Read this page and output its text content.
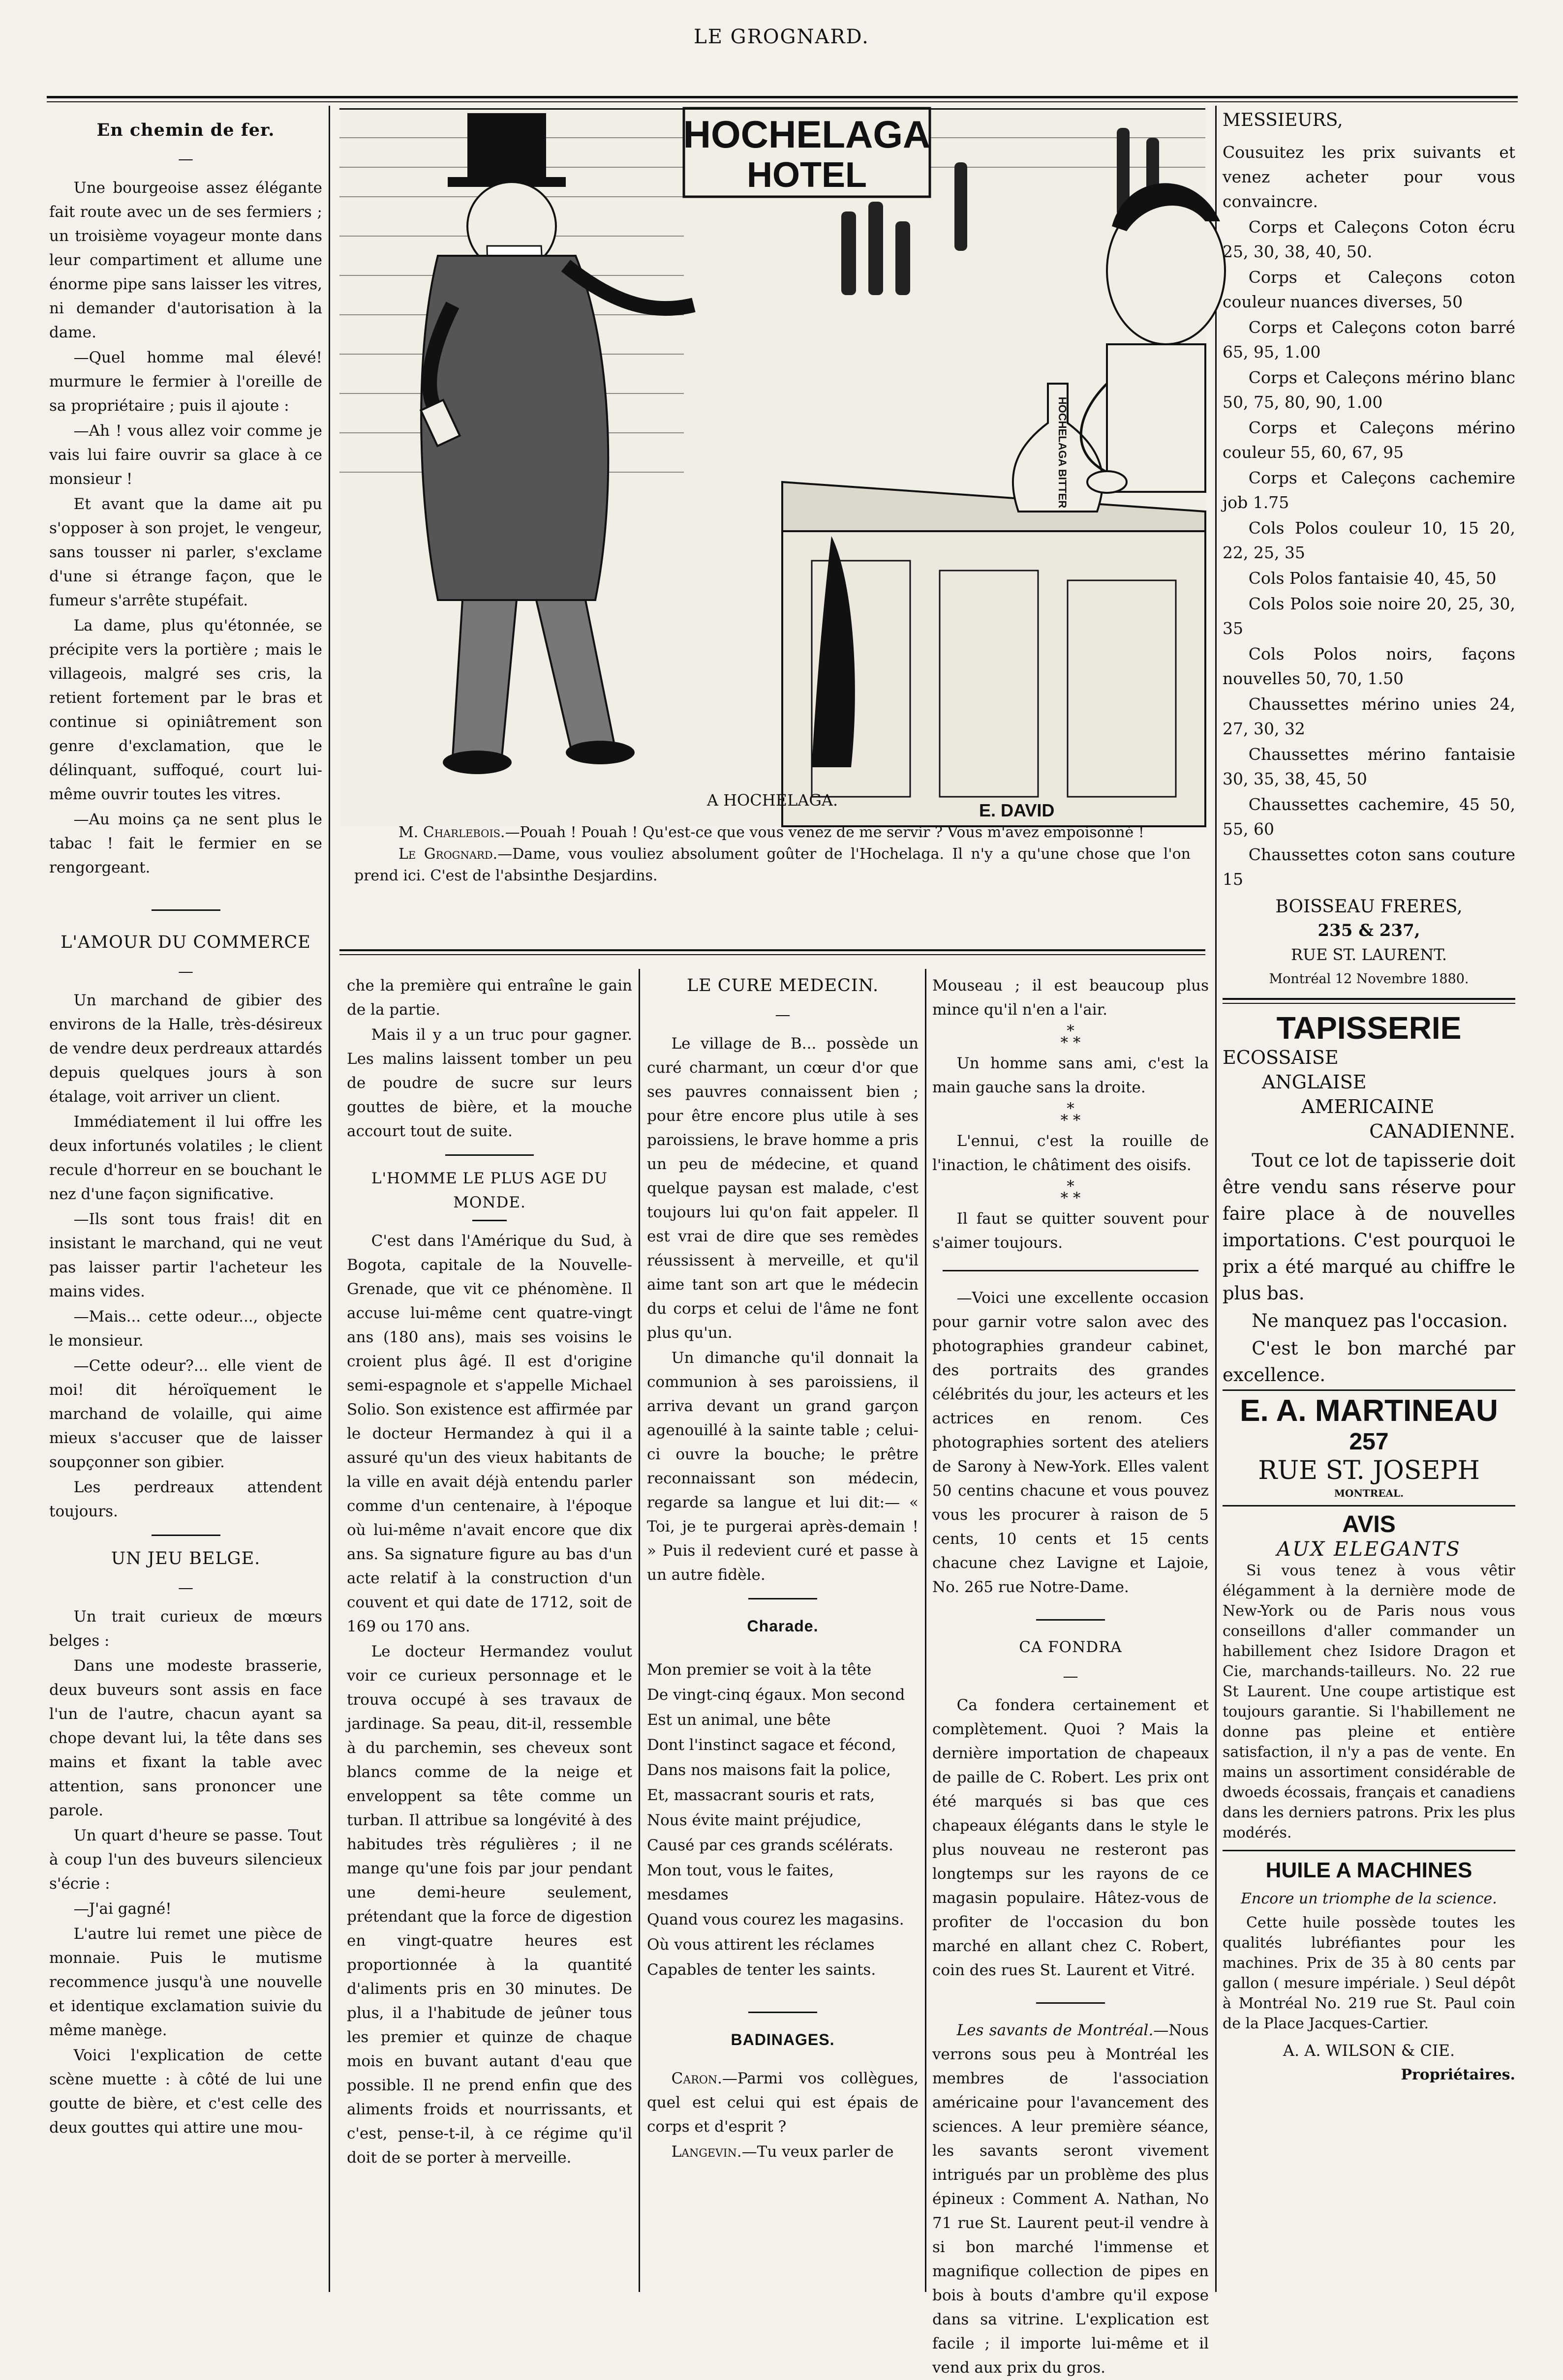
LE GROGNARD.
En chemin de fer.
—

Une bourgeoise assez élégante fait route avec un de ses fermiers ; un troisième voyageur monte dans leur compartiment et allume une énorme pipe sans laisser les vitres, ni demander d'autorisation à la dame.

—Quel homme mal élevé! murmure le fermier à l'oreille de sa propriétaire ; puis il ajoute :

—Ah ! vous allez voir comme je vais lui faire ouvrir sa glace à ce monsieur !

Et avant que la dame ait pu s'opposer à son projet, le vengeur, sans tousser ni parler, s'exclame d'une si étrange façon, que le fumeur s'arrête stupéfait.

La dame, plus qu'étonnée, se précipite vers la portière ; mais le villageois, malgré ses cris, la retient fortement par le bras et continue si opiniâtrement son genre d'exclamation, que le délinquant, suffoqué, court lui-même ouvrir toutes les vitres.

—Au moins ça ne sent plus le tabac ! fait le fermier en se rengorgeant.

L'AMOUR DU COMMERCE
—

Un marchand de gibier des environs de la Halle, très-désireux de vendre deux perdreaux attardés depuis quelques jours à son étalage, voit arriver un client.

Immédiatement il lui offre les deux infortunés volatiles ; le client recule d'horreur en se bouchant le nez d'une façon significative.

—Ils sont tous frais! dit en insistant le marchand, qui ne veut pas laisser partir l'acheteur les mains vides.

—Mais... cette odeur..., objecte le monsieur.

—Cette odeur?... elle vient de moi! dit héroïquement le marchand de volaille, qui aime mieux s'accuser que de laisser soupçonner son gibier.

Les perdreaux attendent toujours.

UN JEU BELGE.
—

Un trait curieux de mœurs belges :

Dans une modeste brasserie, deux buveurs sont assis en face l'un de l'autre, chacun ayant sa chope devant lui, la tête dans ses mains et fixant la table avec attention, sans prononcer une parole.

Un quart d'heure se passe. Tout à coup l'un des buveurs silencieux s'écrie :

—J'ai gagné!

L'autre lui remet une pièce de monnaie. Puis le mutisme recommence jusqu'à une nouvelle et identique exclamation suivie du même manège.

Voici l'explication de cette scène muette : à côté de lui une goutte de bière, et c'est celle des deux gouttes qui attire une mou-

HOCHELAGA
HOTEL
HOCHELAGA BITTER
E. DAVID
A HOCHELAGA.
M. Charlebois.—Pouah ! Pouah ! Qu'est-ce que vous venez de me servir ? Vous m'avez empoisonné !
Le Grognard.—Dame, vous vouliez absolument goûter de l'Hochelaga. Il n'y a qu'une chose que l'on prend ici. C'est de l'absinthe Desjardins.

che la première qui entraîne le gain de la partie.

Mais il y a un truc pour gagner. Les malins laissent tomber un peu de poudre de sucre sur leurs gouttes de bière, et la mouche accourt tout de suite.

L'HOMME LE PLUS AGE DU MONDE.

C'est dans l'Amérique du Sud, à Bogota, capitale de la Nouvelle-Grenade, que vit ce phénomène. Il accuse lui-même cent quatre-vingt ans (180 ans), mais ses voisins le croient plus âgé. Il est d'origine semi-espagnole et s'appelle Michael Solio. Son existence est affirmée par le docteur Hermandez à qui il a assuré qu'un des vieux habitants de la ville en avait déjà entendu parler comme d'un centenaire, à l'époque où lui-même n'avait encore que dix ans. Sa signature figure au bas d'un acte relatif à la construction d'un couvent et qui date de 1712, soit de 169 ou 170 ans.

Le docteur Hermandez voulut voir ce curieux personnage et le trouva occupé à ses travaux de jardinage. Sa peau, dit-il, ressemble à du parchemin, ses cheveux sont blancs comme de la neige et enveloppent sa tête comme un turban. Il attribue sa longévité à des habitudes très régulières ; il ne mange qu'une fois par jour pendant une demi-heure seulement, prétendant que la force de digestion en vingt-quatre heures est proportionnée à la quantité d'aliments pris en 30 minutes. De plus, il a l'habitude de jeûner tous les premier et quinze de chaque mois en buvant autant d'eau que possible. Il ne prend enfin que des aliments froids et nourrissants, et c'est, pense-t-il, à ce régime qu'il doit de se porter à merveille.

LE CURE MEDECIN.
—

Le village de B... possède un curé charmant, un cœur d'or que ses pauvres connaissent bien ; pour être encore plus utile à ses paroissiens, le brave homme a pris un peu de médecine, et quand quelque paysan est malade, c'est toujours lui qu'on fait appeler. Il est vrai de dire que ses remèdes réussissent à merveille, et qu'il aime tant son art que le médecin du corps et celui de l'âme ne font plus qu'un.

Un dimanche qu'il donnait la communion à ses paroissiens, il arriva devant un grand garçon agenouillé à la sainte table ; celui-ci ouvre la bouche; le prêtre reconnaissant son médecin, regarde sa langue et lui dit:— « Toi, je te purgerai après-demain ! » Puis il redevient curé et passe à un autre fidèle.

Charade.

Mon premier se voit à la tête

De vingt-cinq égaux. Mon second

Est un animal, une bête

Dont l'instinct sagace et fécond,

Dans nos maisons fait la police,

Et, massacrant souris et rats,

Nous évite maint préjudice,

Causé par ces grands scélérats.

Mon tout, vous le faites, mesdames

Quand vous courez les magasins.

Où vous attirent les réclames

Capables de tenter les saints.

BADINAGES.

Caron.—Parmi vos collègues, quel est celui qui est épais de corps et d'esprit ?

Langevin.—Tu veux parler de

Mouseau ; il est beaucoup plus mince qu'il n'en a l'air.

*
* *

Un homme sans ami, c'est la main gauche sans la droite.

*
* *

L'ennui, c'est la rouille de l'inaction, le châtiment des oisifs.

*
* *

Il faut se quitter souvent pour s'aimer toujours.

—Voici une excellente occasion pour garnir votre salon avec des photographies grandeur cabinet, des portraits des grandes célébrités du jour, les acteurs et les actrices en renom. Ces photographies sortent des ateliers de Sarony à New-York. Elles valent 50 centins chacune et vous pouvez vous les procurer à raison de 5 cents, 10 cents et 15 cents chacune chez Lavigne et Lajoie, No. 265 rue Notre-Dame.

CA FONDRA
—

Ca fondera certainement et complètement. Quoi ? Mais la dernière importation de chapeaux de paille de C. Robert. Les prix ont été marqués si bas que ces chapeaux élégants dans le style le plus nouveau ne resteront pas longtemps sur les rayons de ce magasin populaire. Hâtez-vous de profiter de l'occasion du bon marché en allant chez C. Robert, coin des rues St. Laurent et Vitré.

Les savants de Montréal.—Nous verrons sous peu à Montréal les membres de l'association américaine pour l'avancement des sciences. A leur première séance, les savants seront vivement intrigués par un problème des plus épineux : Comment A. Nathan, No 71 rue St. Laurent peut-il vendre à si bon marché l'immense et magnifique collection de pipes en bois à bouts d'ambre qu'il expose dans sa vitrine. L'explication est facile ; il importe lui-même et il vend aux prix du gros.

MESSIEURS,

Cousuitez les prix suivants et venez acheter pour vous convaincre.

Corps et Caleçons Coton écru 25, 30, 38, 40, 50.

Corps et Caleçons coton couleur nuances diverses, 50

Corps et Caleçons coton barré 65, 95, 1.00

Corps et Caleçons mérino blanc 50, 75, 80, 90, 1.00

Corps et Caleçons mérino couleur 55, 60, 67, 95

Corps et Caleçons cachemire job 1.75

Cols Polos couleur 10, 15 20, 22, 25, 35

Cols Polos fantaisie 40, 45, 50

Cols Polos soie noire 20, 25, 30, 35

Cols Polos noirs, façons nouvelles 50, 70, 1.50

Chaussettes mérino unies 24, 27, 30, 32

Chaussettes mérino fantaisie 30, 35, 38, 45, 50

Chaussettes cachemire, 45 50, 55, 60

Chaussettes coton sans couture 15

BOISSEAU FRERES,
235 & 237,
RUE ST. LAURENT.
Montréal 12 Novembre 1880.
TAPISSERIE
ECOSSAISE
ANGLAISE
AMERICAINE
CANADIENNE.

Tout ce lot de tapisserie doit être vendu sans réserve pour faire place à de nouvelles importations. C'est pourquoi le prix a été marqué au chiffre le plus bas.

Ne manquez pas l'occasion.

C'est le bon marché par excellence.

E. A. MARTINEAU
257
RUE ST. JOSEPH
MONTREAL.
AVIS
AUX ELEGANTS

Si vous tenez à vous vêtir élégamment à la dernière mode de New-York ou de Paris nous vous conseillons d'aller commander un habillement chez Isidore Dragon et Cie, marchands-tailleurs. No. 22 rue St Laurent. Une coupe artistique est toujours garantie. Si l'habillement ne donne pas pleine et entière satisfaction, il n'y a pas de vente. En mains un assortiment considérable de dwoeds écossais, français et canadiens dans les derniers patrons. Prix les plus modérés.

HUILE A MACHINES
Encore un triomphe de la science.

Cette huile possède toutes les qualités lubréfiantes pour les machines. Prix de 35 à 80 cents par gallon ( mesure impériale. ) Seul dépôt à Montréal No. 219 rue St. Paul coin de la Place Jacques-Cartier.

A. A. WILSON & CIE.
Propriétaires.
